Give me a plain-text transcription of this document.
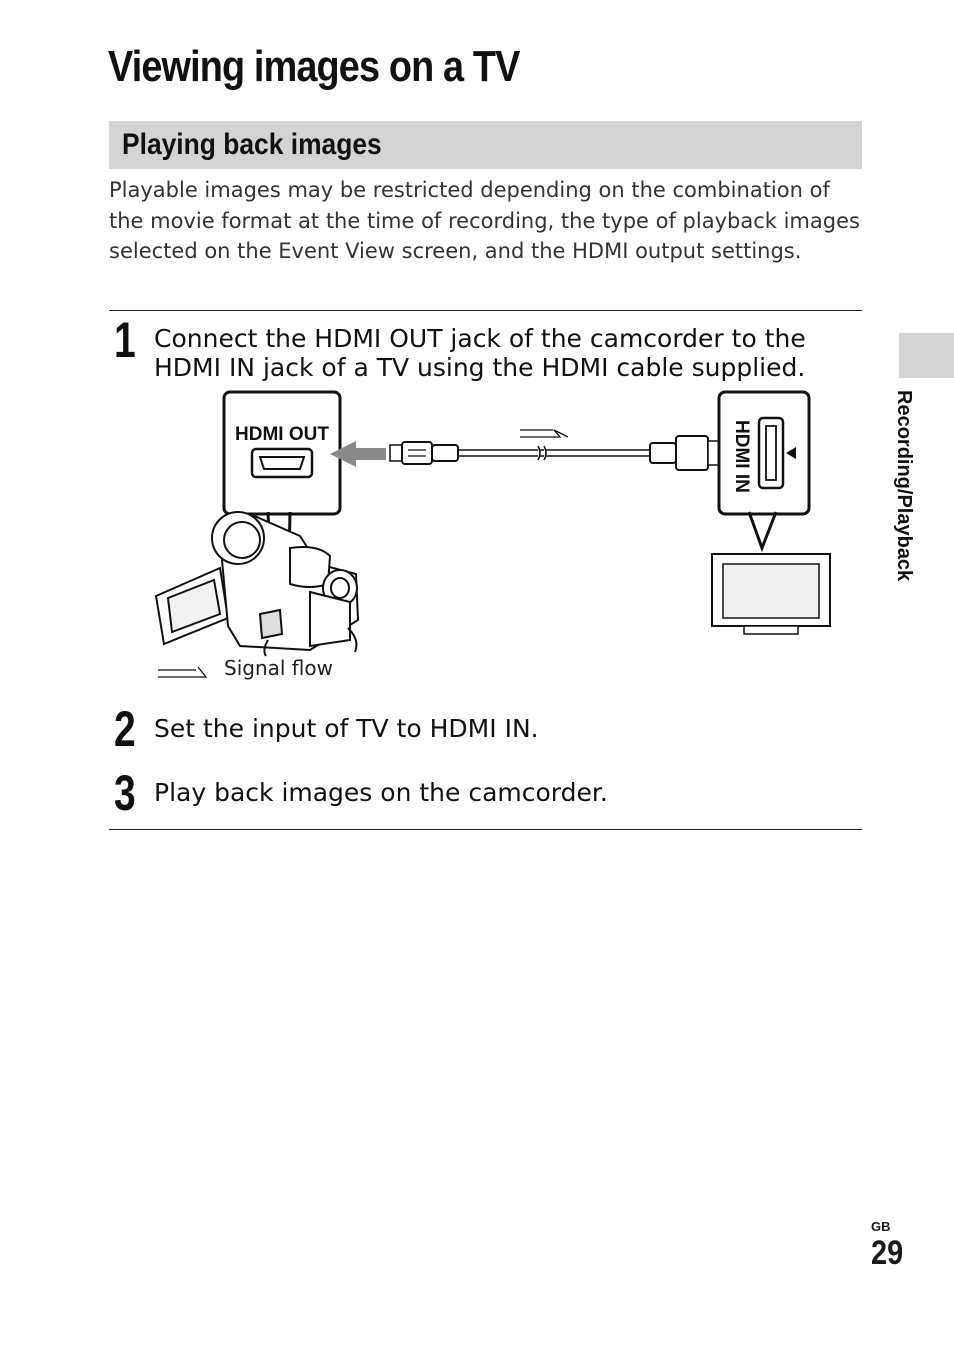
Viewing images on a TV
Playing back images

Playable images may be restricted depending on the combination of the movie format at the time of recording, the type of playback images selected on the Event View screen, and the HDMI output settings.

1 Connect the HDMI OUT jack of the camcorder to the HDMI IN jack of a TV using the HDMI cable supplied.

HDMI OUT	HDMI IN
Signal flow
2 Set the input of TV to HDMI IN.

3 Play back images on the camcorder.

Recording/Playback
GB
29
